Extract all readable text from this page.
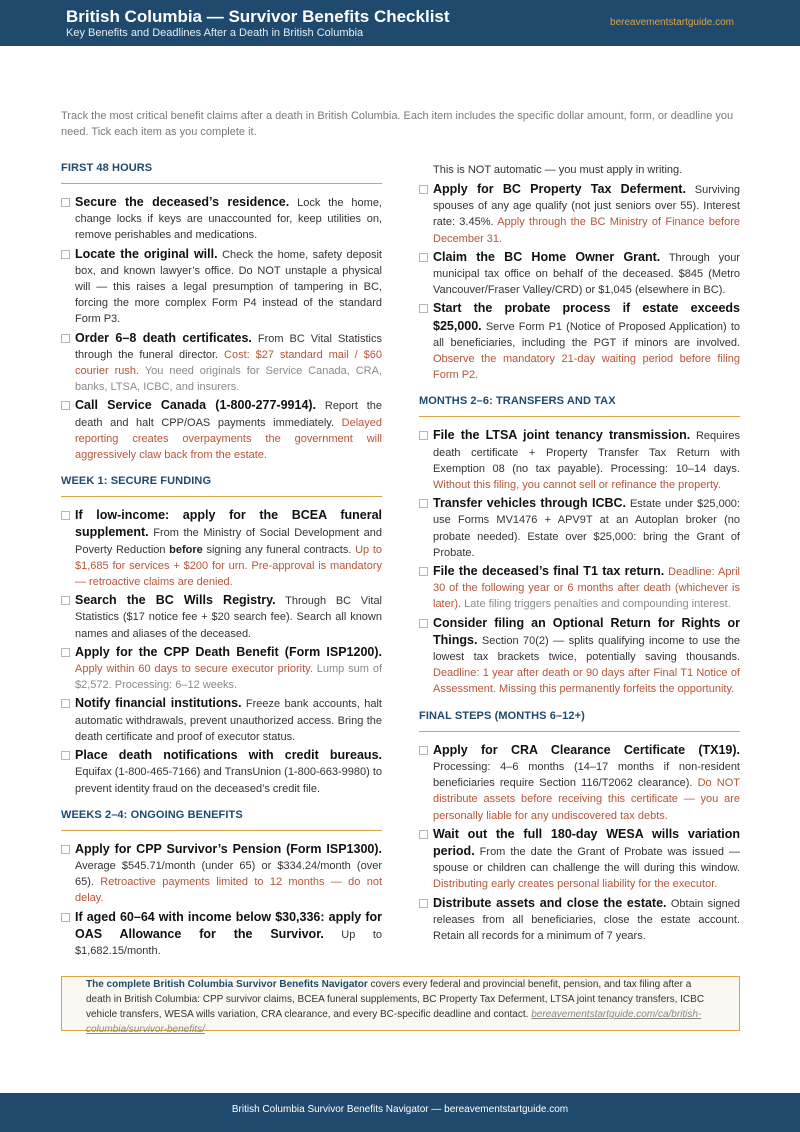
British Columbia — Survivor Benefits Checklist
Key Benefits and Deadlines After a Death in British Columbia
bereavementstartguide.com
Track the most critical benefit claims after a death in British Columbia. Each item includes the specific dollar amount, form, or deadline you need. Tick each item as you complete it.
FIRST 48 HOURS
Secure the deceased’s residence. Lock the home, change locks if keys are unaccounted for, keep utilities on, remove perishables and medications.
Locate the original will. Check the home, safety deposit box, and known lawyer’s office. Do NOT unstaple a physical will — this raises a legal presumption of tampering in BC, forcing the more complex Form P4 instead of the standard Form P3.
Order 6–8 death certificates. From BC Vital Statistics through the funeral director. Cost: $27 standard mail / $60 courier rush. You need originals for Service Canada, CRA, banks, LTSA, ICBC, and insurers.
Call Service Canada (1-800-277-9914). Report the death and halt CPP/OAS payments immediately. Delayed reporting creates overpayments the government will aggressively claw back from the estate.
WEEK 1: SECURE FUNDING
If low-income: apply for the BCEA funeral supplement. From the Ministry of Social Development and Poverty Reduction before signing any funeral contracts. Up to $1,685 for services + $200 for urn. Pre-approval is mandatory — retroactive claims are denied.
Search the BC Wills Registry. Through BC Vital Statistics ($17 notice fee + $20 search fee). Search all known names and aliases of the deceased.
Apply for the CPP Death Benefit (Form ISP1200). Apply within 60 days to secure executor priority. Lump sum of $2,572. Processing: 6–12 weeks.
Notify financial institutions. Freeze bank accounts, halt automatic withdrawals, prevent unauthorized access. Bring the death certificate and proof of executor status.
Place death notifications with credit bureaus. Equifax (1-800-465-7166) and TransUnion (1-800-663-9980) to prevent identity fraud on the deceased’s credit file.
WEEKS 2–4: ONGOING BENEFITS
Apply for CPP Survivor’s Pension (Form ISP1300). Average $545.71/month (under 65) or $334.24/month (over 65). Retroactive payments limited to 12 months — do not delay.
If aged 60–64 with income below $30,336: apply for OAS Allowance for the Survivor. Up to $1,682.15/month.
This is NOT automatic — you must apply in writing.
Apply for BC Property Tax Deferment. Surviving spouses of any age qualify (not just seniors over 55). Interest rate: 3.45%. Apply through the BC Ministry of Finance before December 31.
Claim the BC Home Owner Grant. Through your municipal tax office on behalf of the deceased. $845 (Metro Vancouver/Fraser Valley/CRD) or $1,045 (elsewhere in BC).
Start the probate process if estate exceeds $25,000. Serve Form P1 (Notice of Proposed Application) to all beneficiaries, including the PGT if minors are involved. Observe the mandatory 21-day waiting period before filing Form P2.
MONTHS 2–6: TRANSFERS AND TAX
File the LTSA joint tenancy transmission. Requires death certificate + Property Transfer Tax Return with Exemption 08 (no tax payable). Processing: 10–14 days. Without this filing, you cannot sell or refinance the property.
Transfer vehicles through ICBC. Estate under $25,000: use Forms MV1476 + APV9T at an Autoplan broker (no probate needed). Estate over $25,000: bring the Grant of Probate.
File the deceased’s final T1 tax return. Deadline: April 30 of the following year or 6 months after death (whichever is later). Late filing triggers penalties and compounding interest.
Consider filing an Optional Return for Rights or Things. Section 70(2) — splits qualifying income to use the lowest tax brackets twice, potentially saving thousands. Deadline: 1 year after death or 90 days after Final T1 Notice of Assessment. Missing this permanently forfeits the opportunity.
FINAL STEPS (MONTHS 6–12+)
Apply for CRA Clearance Certificate (TX19). Processing: 4–6 months (14–17 months if non-resident beneficiaries require Section 116/T2062 clearance). Do NOT distribute assets before receiving this certificate — you are personally liable for any undiscovered tax debts.
Wait out the full 180-day WESA wills variation period. From the date the Grant of Probate was issued — spouse or children can challenge the will during this window. Distributing early creates personal liability for the executor.
Distribute assets and close the estate. Obtain signed releases from all beneficiaries, close the estate account. Retain all records for a minimum of 7 years.
The complete British Columbia Survivor Benefits Navigator covers every federal and provincial benefit, pension, and tax filing after a death in British Columbia: CPP survivor claims, BCEA funeral supplements, BC Property Tax Deferment, LTSA joint tenancy transfers, ICBC vehicle transfers, WESA wills variation, CRA clearance, and every BC-specific deadline and contact. bereavementstartguide.com/ca/british-columbia/survivor-benefits/
British Columbia Survivor Benefits Navigator — bereavementstartguide.com
